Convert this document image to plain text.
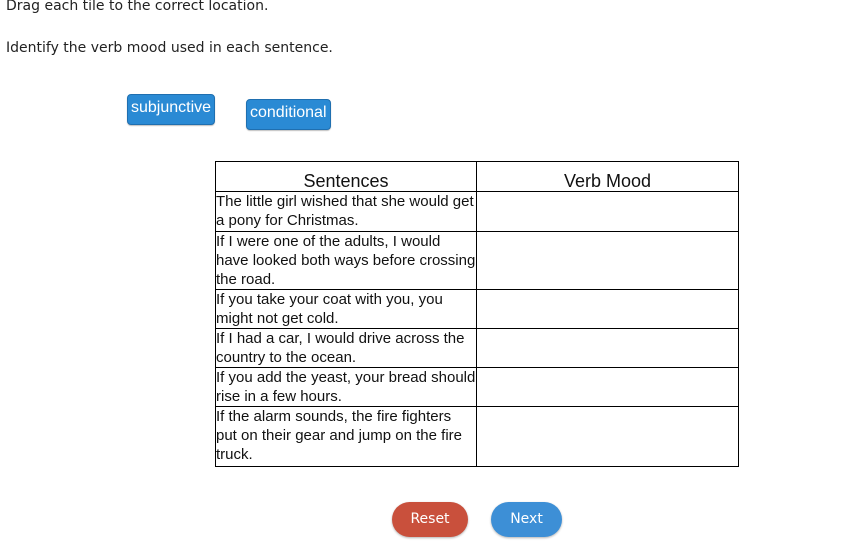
Drag each tile to the correct location.

Identify the verb mood used in each sentence.

subjunctive conditional
Sentences	Verb Mood
The little girl wished that she would get a pony for Christmas.	
If I were one of the adults, I would have looked both ways before crossing the road.	
If you take your coat with you, you might not get cold.	
If I had a car, I would drive across the country to the ocean.	
If you add the yeast, your bread should rise in a few hours.	
If the alarm sounds, the fire fighters put on their gear and jump on the fire truck.	
Reset	Next
